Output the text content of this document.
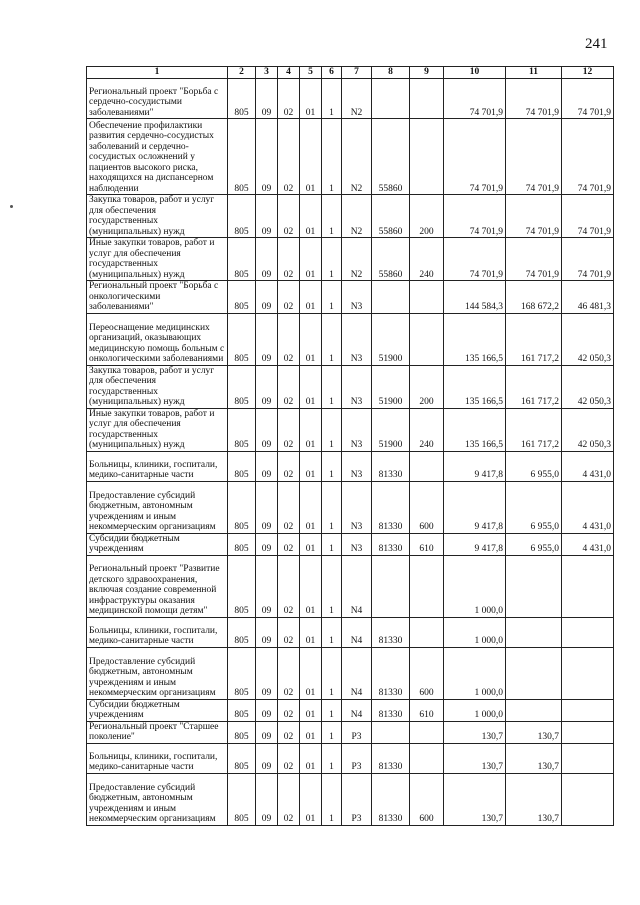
241
1	2	3	4	5	6	7	8	9	10	11	12
Региональный проект "Борьба с сердечно-сосудистыми заболеваниями"	805	09	02	01	1	N2			74 701,9	74 701,9	74 701,9
Обеспечение профилактики развития сердечно-сосудистых заболеваний и сердечно-сосудистых осложнений у пациентов высокого риска, находящихся на диспансерном наблюдении	805	09	02	01	1	N2	55860		74 701,9	74 701,9	74 701,9
Закупка товаров, работ и услуг для обеспечения государственных (муниципальных) нужд	805	09	02	01	1	N2	55860	200	74 701,9	74 701,9	74 701,9
Иные закупки товаров, работ и услуг для обеспечения государственных (муниципальных) нужд	805	09	02	01	1	N2	55860	240	74 701,9	74 701,9	74 701,9
Региональный проект "Борьба с онкологическими заболеваниями"	805	09	02	01	1	N3			144 584,3	168 672,2	46 481,3
Переоснащение медицинских организаций, оказывающих медицинскую помощь больным с онкологическими заболеваниями	805	09	02	01	1	N3	51900		135 166,5	161 717,2	42 050,3
Закупка товаров, работ и услуг для обеспечения государственных (муниципальных) нужд	805	09	02	01	1	N3	51900	200	135 166,5	161 717,2	42 050,3
Иные закупки товаров, работ и услуг для обеспечения государственных (муниципальных) нужд	805	09	02	01	1	N3	51900	240	135 166,5	161 717,2	42 050,3
Больницы, клиники, госпитали, медико-санитарные части	805	09	02	01	1	N3	81330		9 417,8	6 955,0	4 431,0
Предоставление субсидий бюджетным, автономным учреждениям и иным некоммерческим организациям	805	09	02	01	1	N3	81330	600	9 417,8	6 955,0	4 431,0
Субсидии бюджетным учреждениям	805	09	02	01	1	N3	81330	610	9 417,8	6 955,0	4 431,0
Региональный проект "Развитие детского здравоохранения, включая создание современной инфраструктуры оказания медицинской помощи детям"	805	09	02	01	1	N4			1 000,0		
Больницы, клиники, госпитали, медико-санитарные части	805	09	02	01	1	N4	81330		1 000,0		
Предоставление субсидий бюджетным, автономным учреждениям и иным некоммерческим организациям	805	09	02	01	1	N4	81330	600	1 000,0		
Субсидии бюджетным учреждениям	805	09	02	01	1	N4	81330	610	1 000,0		
Региональный проект "Старшее поколение"	805	09	02	01	1	P3			130,7	130,7	
Больницы, клиники, госпитали, медико-санитарные части	805	09	02	01	1	P3	81330		130,7	130,7	
Предоставление субсидий бюджетным, автономным учреждениям и иным некоммерческим организациям	805	09	02	01	1	P3	81330	600	130,7	130,7	
